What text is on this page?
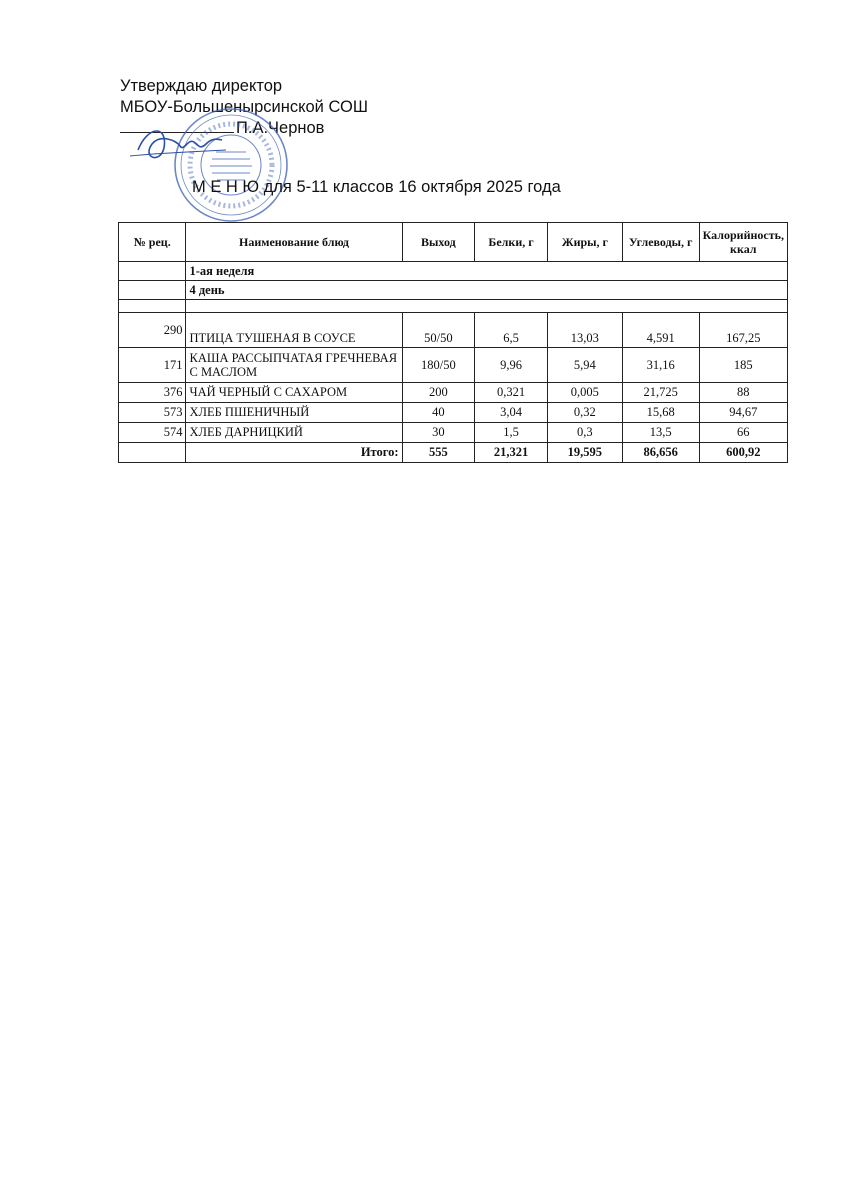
Утверждаю директор
МБОУ-Большенырсинской СОШ
П.А.Чернов
М Е Н Ю для 5-11 классов 16 октября 2025 года
№ рец.	Наименование блюд	Выход	Белки, г	Жиры, г	Углеводы, г	Калорийность, ккал
	1-ая неделя					
	4 день					

290	ПТИЦА ТУШЕНАЯ В СОУСЕ	50/50	6,5	13,03	4,591	167,25
171	КАША РАССЫПЧАТАЯ ГРЕЧНЕВАЯ С МАСЛОМ	180/50	9,96	5,94	31,16	185
376	ЧАЙ ЧЕРНЫЙ С САХАРОМ	200	0,321	0,005	21,725	88
573	ХЛЕБ ПШЕНИЧНЫЙ	40	3,04	0,32	15,68	94,67
574	ХЛЕБ ДАРНИЦКИЙ	30	1,5	0,3	13,5	66
	Итого:	555	21,321	19,595	86,656	600,92
